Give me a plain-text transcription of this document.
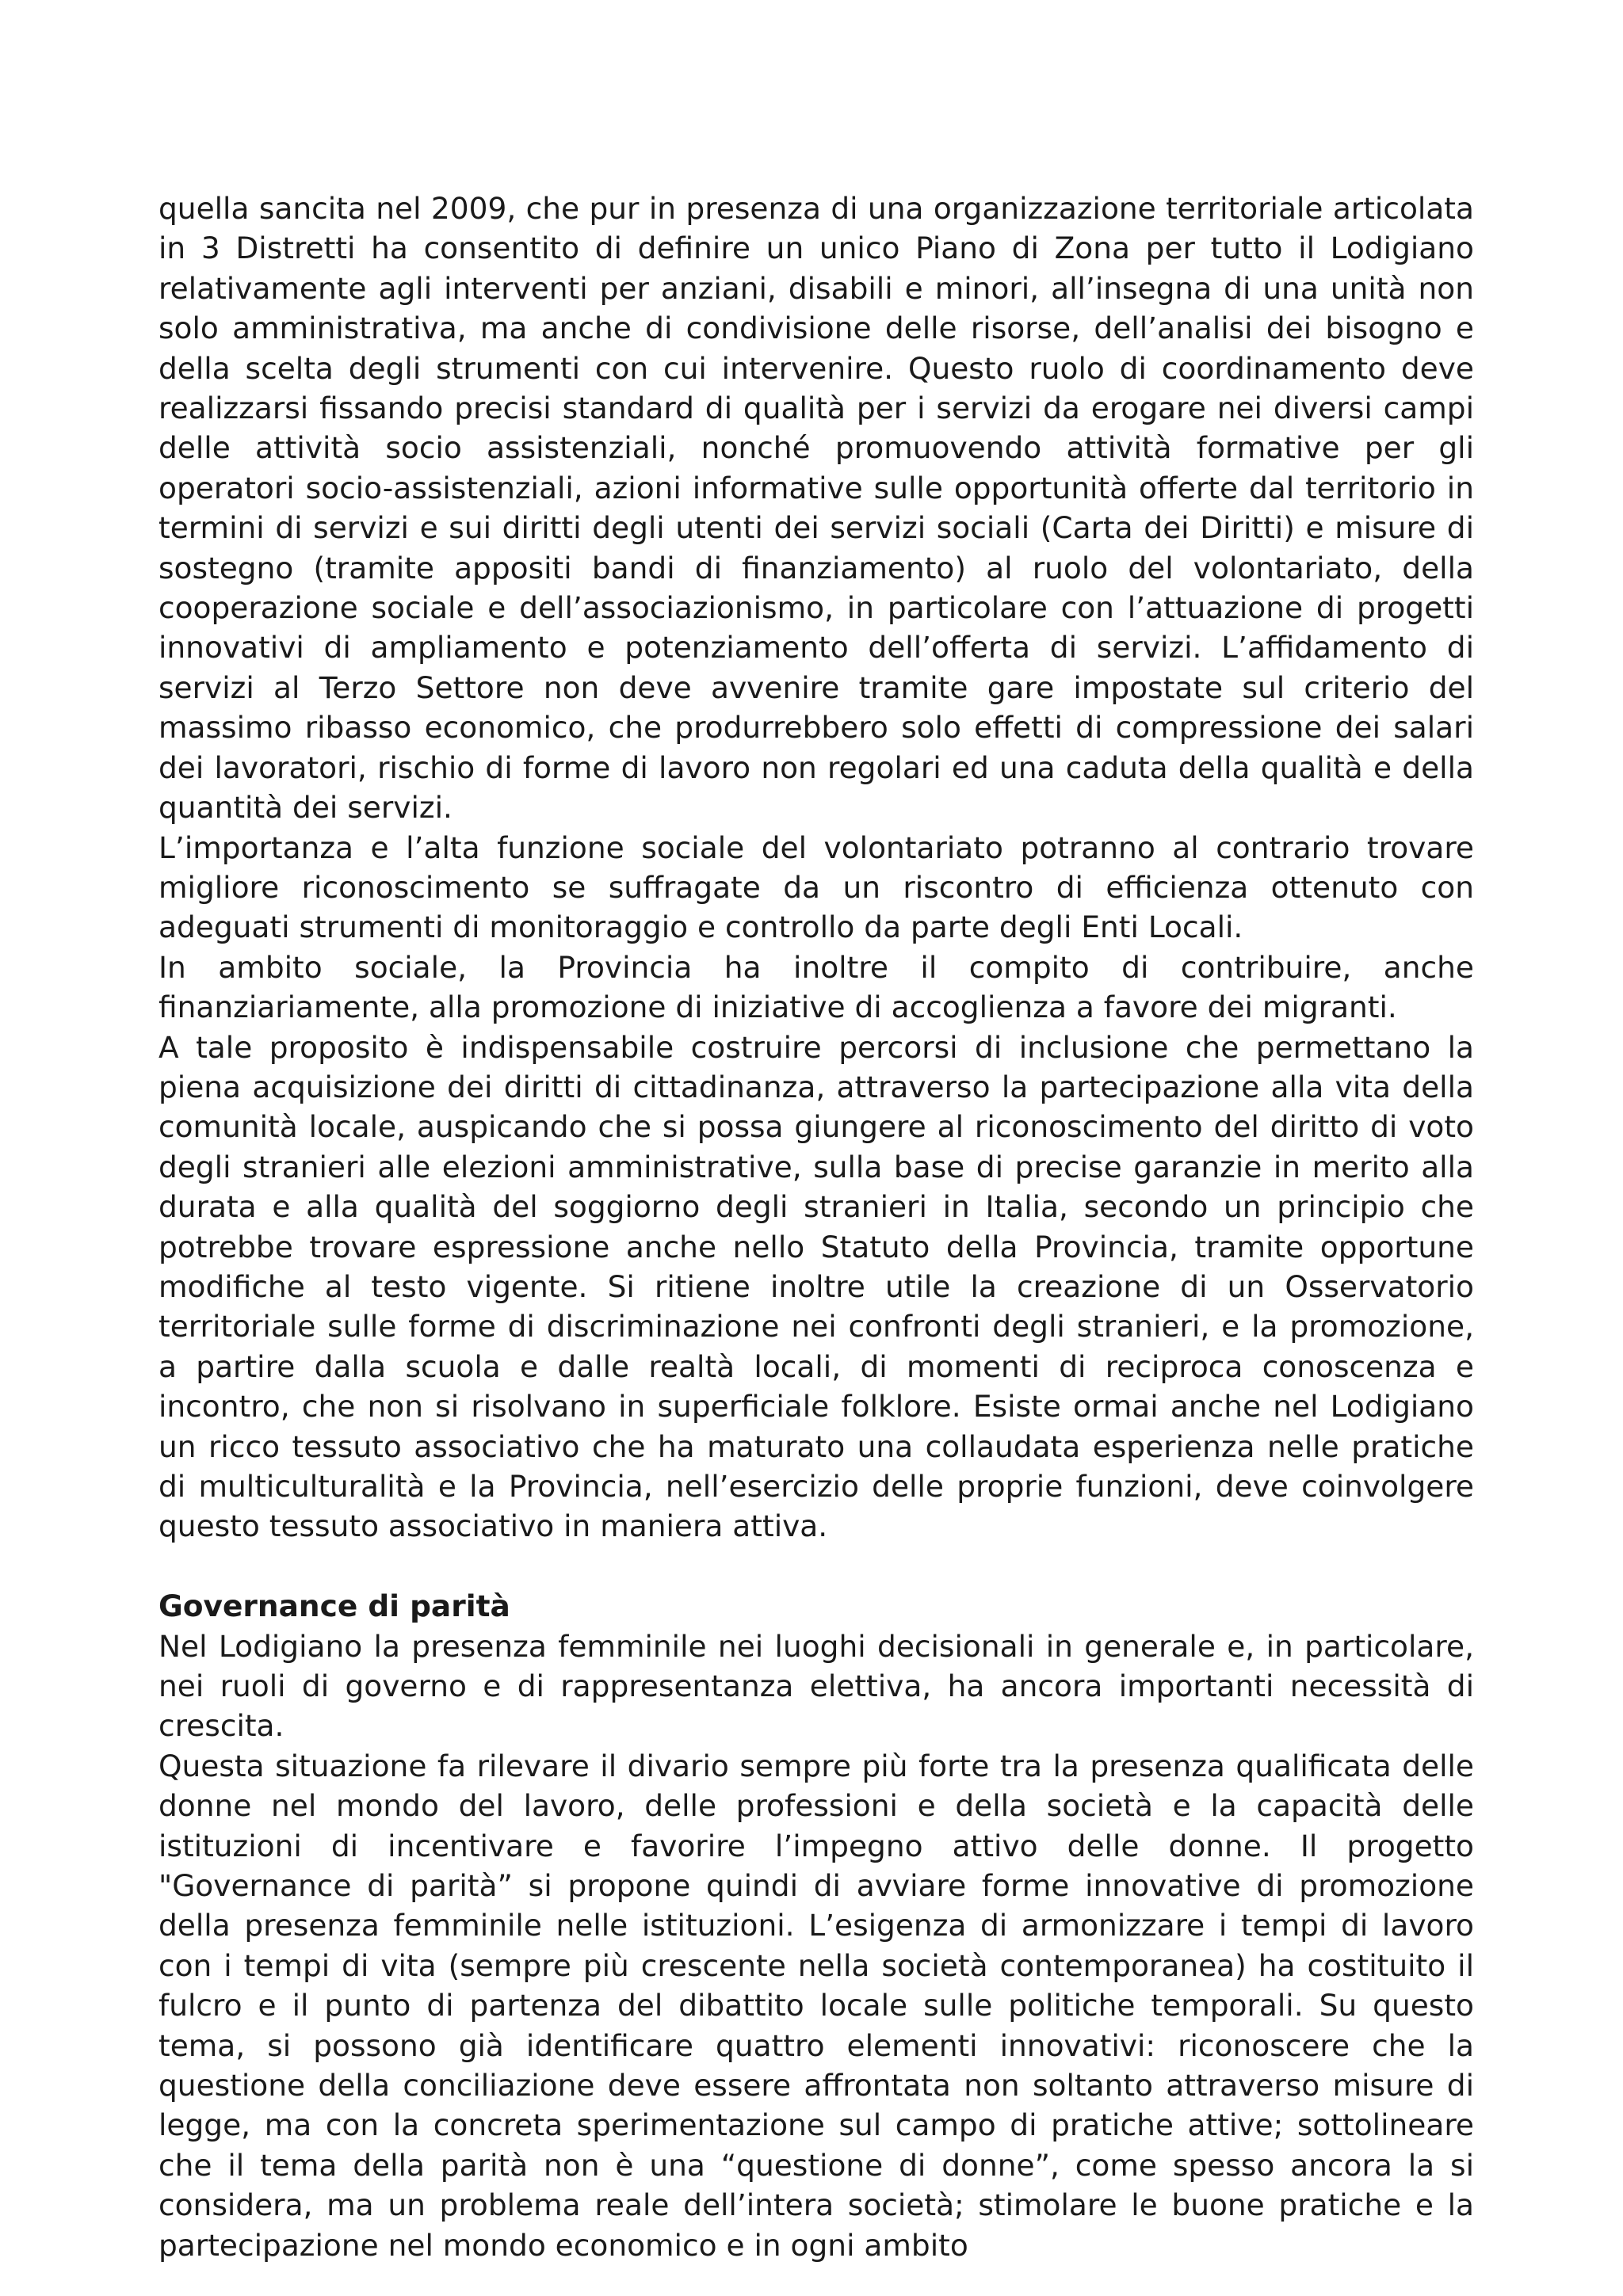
quella sancita nel 2009, che pur in presenza di una organizzazione territoriale articolata in 3 Distretti ha consentito di definire un unico Piano di Zona per tutto il Lodigiano relativamente agli interventi per anziani, disabili e minori, all’insegna di una unità non solo amministrativa, ma anche di condivisione delle risorse, dell’analisi dei bisogno e della scelta degli strumenti con cui intervenire. Questo ruolo di coordinamento deve realizzarsi fissando precisi standard di qualità per i servizi da erogare nei diversi campi delle attività socio assistenziali, nonché promuovendo attività formative per gli operatori socio-assistenziali, azioni informative sulle opportunità offerte dal territorio in termini di servizi e sui diritti degli utenti dei servizi sociali (Carta dei Diritti) e misure di sostegno (tramite appositi bandi di finanziamento) al ruolo del volontariato, della cooperazione sociale e dell’associazionismo, in particolare con l’attuazione di progetti innovativi di ampliamento e potenziamento dell’offerta di servizi. L’affidamento di servizi al Terzo Settore non deve avvenire tramite gare impostate sul criterio del massimo ribasso economico, che produrrebbero solo effetti di compressione dei salari dei lavoratori, rischio di forme di lavoro non regolari ed una caduta della qualità e della quantità dei servizi.

L’importanza e l’alta funzione sociale del volontariato potranno al contrario trovare migliore riconoscimento se suffragate da un riscontro di efficienza ottenuto con adeguati strumenti di monitoraggio e controllo da parte degli Enti Locali.

In ambito sociale, la Provincia ha inoltre il compito di contribuire, anche finanziariamente, alla promozione di iniziative di accoglienza a favore dei migranti.

A tale proposito è indispensabile costruire percorsi di inclusione che permettano la piena acquisizione dei diritti di cittadinanza, attraverso la partecipazione alla vita della comunità locale, auspicando che si possa giungere al riconoscimento del diritto di voto degli stranieri alle elezioni amministrative, sulla base di precise garanzie in merito alla durata e alla qualità del soggiorno degli stranieri in Italia, secondo un principio che potrebbe trovare espressione anche nello Statuto della Provincia, tramite opportune modifiche al testo vigente. Si ritiene inoltre utile la creazione di un Osservatorio territoriale sulle forme di discriminazione nei confronti degli stranieri, e la promozione, a partire dalla scuola e dalle realtà locali, di momenti di reciproca conoscenza e incontro, che non si risolvano in superficiale folklore. Esiste ormai anche nel Lodigiano un ricco tessuto associativo che ha maturato una collaudata esperienza nelle pratiche di multiculturalità e la Provincia, nell’esercizio delle proprie funzioni, deve coinvolgere questo tessuto associativo in maniera attiva.

Governance di parità

Nel Lodigiano la presenza femminile nei luoghi decisionali in generale e, in particolare, nei ruoli di governo e di rappresentanza elettiva, ha ancora importanti necessità di crescita.

Questa situazione fa rilevare il divario sempre più forte tra la presenza qualificata delle donne nel mondo del lavoro, delle professioni e della società e la capacità delle istituzioni di incentivare e favorire l’impegno attivo delle donne. Il progetto "Governance di parità” si propone quindi di avviare forme innovative di promozione della presenza femminile nelle istituzioni. L’esigenza di armonizzare i tempi di lavoro con i tempi di vita (sempre più crescente nella società contemporanea) ha costituito il fulcro e il punto di partenza del dibattito locale sulle politiche temporali. Su questo tema, si possono già identificare quattro elementi innovativi: riconoscere che la questione della conciliazione deve essere affrontata non soltanto attraverso misure di legge, ma con la concreta sperimentazione sul campo di pratiche attive; sottolineare che il tema della parità non è una “questione di donne”, come spesso ancora la si considera, ma un problema reale dell’intera società; stimolare le buone pratiche e la partecipazione nel mondo economico e in ogni ambito
